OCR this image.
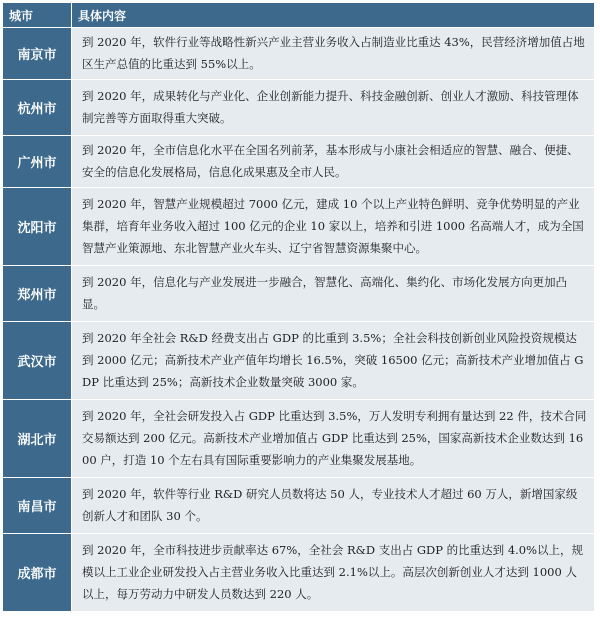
城市	具体内容
南京市	到 2020 年，软件行业等战略性新兴产业主营业务收入占制造业比重达 43%，民营经济增加值占地区生产总值的比重达到 55%以上。
杭州市	到 2020 年，成果转化与产业化、企业创新能力提升、科技金融创新、创业人才激励、科技管理体制完善等方面取得重大突破。
广州市	到 2020 年，全市信息化水平在全国名列前茅，基本形成与小康社会相适应的智慧、融合、便捷、安全的信息化发展格局，信息化成果惠及全市人民。
沈阳市	到 2020 年，智慧产业规模超过 7000 亿元，建成 10 个以上产业特色鲜明、竞争优势明显的产业集群，培育年业务收入超过 100 亿元的企业 10 家以上，培养和引进 1000 名高端人才，成为全国智慧产业策源地、东北智慧产业火车头、辽宁省智慧资源集聚中心。
郑州市	到 2020 年，信息化与产业发展进一步融合，智慧化、高端化、集约化、市场化发展方向更加凸显。
武汉市	到 2020 年全社会 R&D 经费支出占 GDP 的比重到 3.5%；全社会科技创新创业风险投资规模达到 2000 亿元；高新技术产业产值年均增长 16.5%，突破 16500 亿元；高新技术产业增加值占 GDP 比重达到 25%；高新技术企业数量突破 3000 家。
湖北市	到 2020 年，全社会研发投入占 GDP 比重达到 3.5%，万人发明专利拥有量达到 22 件，技术合同交易额达到 200 亿元。高新技术产业增加值占 GDP 比重达到 25%，国家高新技术企业数达到 1600 户，打造 10 个左右具有国际重要影响力的产业集聚发展基地。
南昌市	到 2020 年，软件等行业 R&D 研究人员数将达 50 人，专业技术人才超过 60 万人，新增国家级创新人才和团队 30 个。
成都市	到 2020 年，全市科技进步贡献率达 67%，全社会 R&D 支出占 GDP 的比重达到 4.0%以上，规模以上工业企业研发投入占主营业务收入比重达到 2.1%以上。高层次创新创业人才达到 1000 人以上，每万劳动力中研发人员数达到 220 人。
